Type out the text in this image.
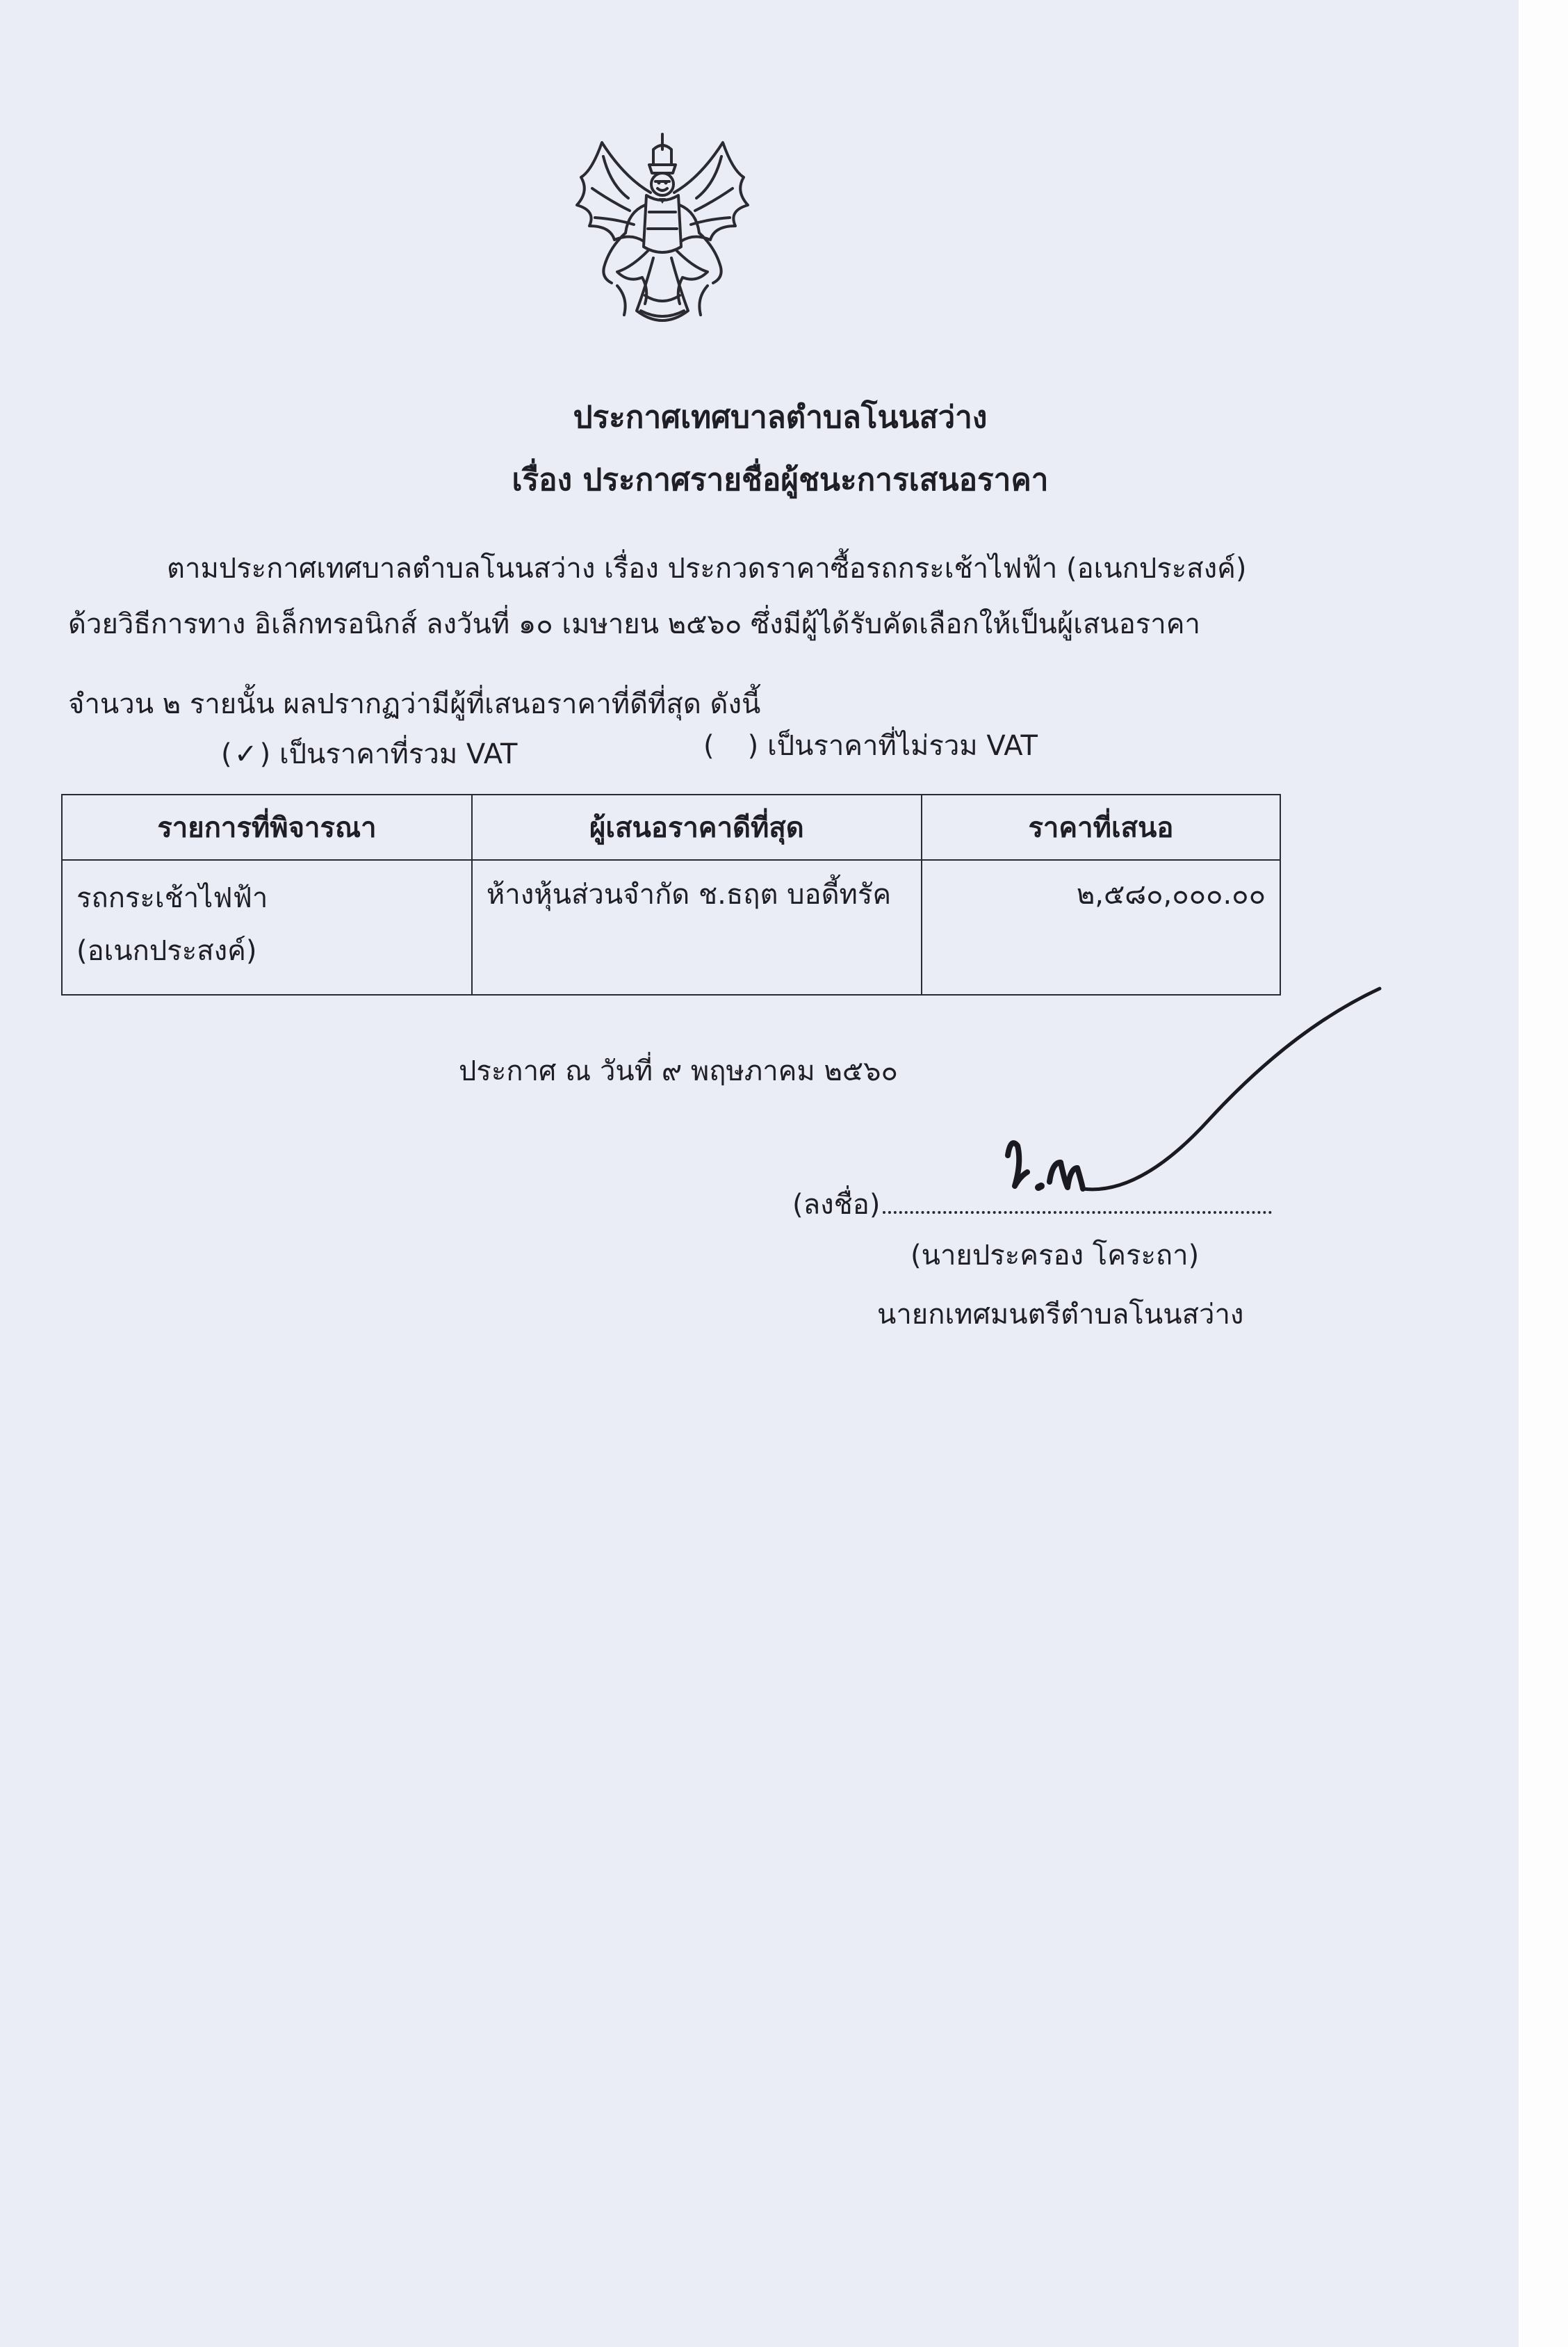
ประกาศเทศบาลตำบลโนนสว่าง
เรื่อง ประกาศรายชื่อผู้ชนะการเสนอราคา
ตามประกาศเทศบาลตำบลโนนสว่าง เรื่อง ประกวดราคาซื้อรถกระเช้าไฟฟ้า (อเนกประสงค์)
ด้วยวิธีการทาง อิเล็กทรอนิกส์ ลงวันที่ ๑๐ เมษายน ๒๕๖๐ ซึ่งมีผู้ได้รับคัดเลือกให้เป็นผู้เสนอราคา
จำนวน ๒ รายนั้น ผลปรากฏว่ามีผู้ที่เสนอราคาที่ดีที่สุด ดังนี้
(✓) เป็นราคาที่รวม VAT	( ) เป็นราคาที่ไม่รวม VAT
รายการที่พิจารณา	ผู้เสนอราคาดีที่สุด	ราคาที่เสนอ

รถกระเช้าไฟฟ้า
(อเนกประสงค์)	ห้างหุ้นส่วนจำกัด ช.ธฤต บอดี้ทรัค	๒,๕๘๐,๐๐๐.๐๐
ประกาศ ณ วันที่ ๙ พฤษภาคม ๒๕๖๐
(ลงชื่อ)
(นายประครอง โคระถา)
นายกเทศมนตรีตำบลโนนสว่าง
